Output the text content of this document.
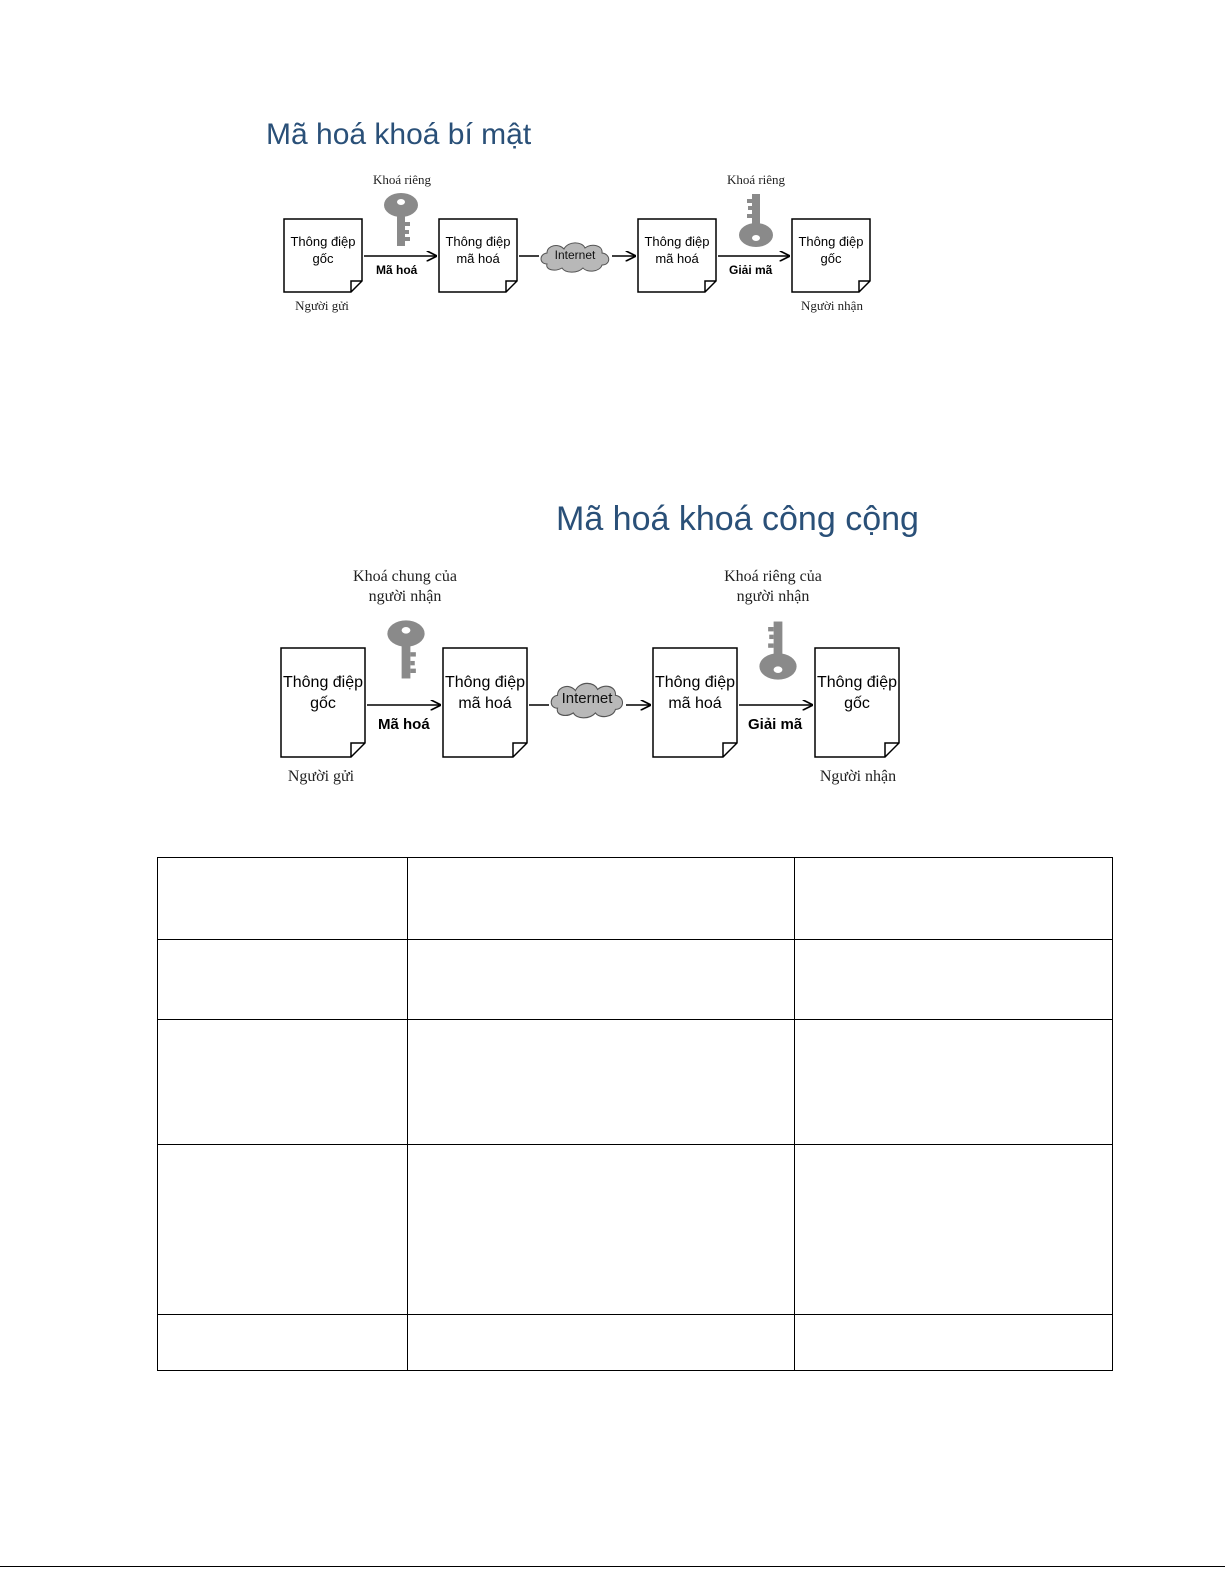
Mã hoá khoá bí mật
Khoá riêng	Khoá riêng
Thông điệp
gốc
Thông điệp
mã hoá
Thông điệp
mã hoá
Thông điệp
gốc
Internet
Mã hoá	Giải mã
Người gửi	Người nhận
Mã hoá khoá công cộng
Khoá chung của
người nhận
Khoá riêng của
người nhận
Thông điệp
gốc
Thông điệp
mã hoá
Thông điệp
mã hoá
Thông điệp
gốc
Internet
Mã hoá	Giải mã
Người gửi	Người nhận
